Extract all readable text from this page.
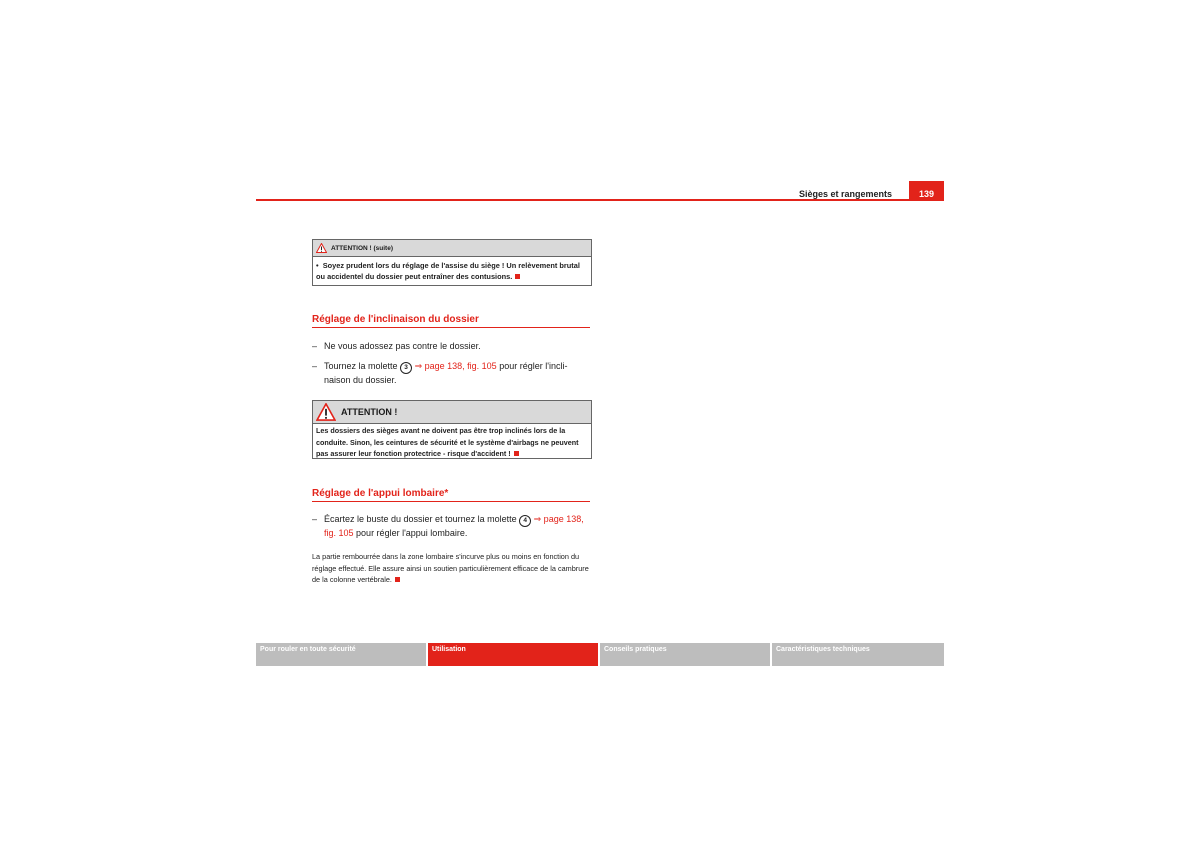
Sièges et rangements	139
ATTENTION ! (suite)
• Soyez prudent lors du réglage de l'assise du siège ! Un relèvement brutal ou accidentel du dossier peut entraîner des contusions.
Réglage de l'inclinaison du dossier
– Ne vous adossez pas contre le dossier.
– Tournez la molette 3 ⇒ page 138, fig. 105 pour régler l'incli-
naison du dossier.
ATTENTION !
Les dossiers des sièges avant ne doivent pas être trop inclinés lors de la conduite. Sinon, les ceintures de sécurité et le système d'airbags ne peuvent pas assurer leur fonction protectrice - risque d'accident !
Réglage de l'appui lombaire*
– Écartez le buste du dossier et tournez la molette 4 ⇒ page 138,
fig. 105 pour régler l'appui lombaire.
La partie rembourrée dans la zone lombaire s'incurve plus ou moins en fonction du réglage effectué. Elle assure ainsi un soutien particulièrement efficace de la cambrure de la colonne vertébrale.
Pour rouler en toute sécurité	Utilisation	Conseils pratiques	Caractéristiques techniques
